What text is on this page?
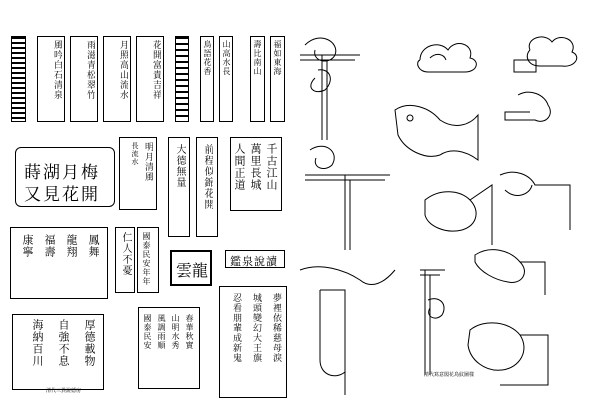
風吟白石清泉	雨滋青松翠竹	月照高山流水	花開富貴吉祥	鳥語花香 山高水長	壽比南山 福如東海
蒔湖月梅
又見花開
明月清風
長流水	大德無量 前程似錦花開	千古江山
萬里長城
人間正道
鳳舞
龍翔
福壽
康寧	仁人不憂 國泰民安年年 雲龍 鑑泉說讀
厚德載物
自強不息
海納百川
清代三異說德房
春華秋實
山明水秀
風調雨順
國泰民安	夢裡依稀慈母淚
城頭變幻大王旗
忍看朋輩成新鬼
清代寫意閣花鳥紋圖樣
